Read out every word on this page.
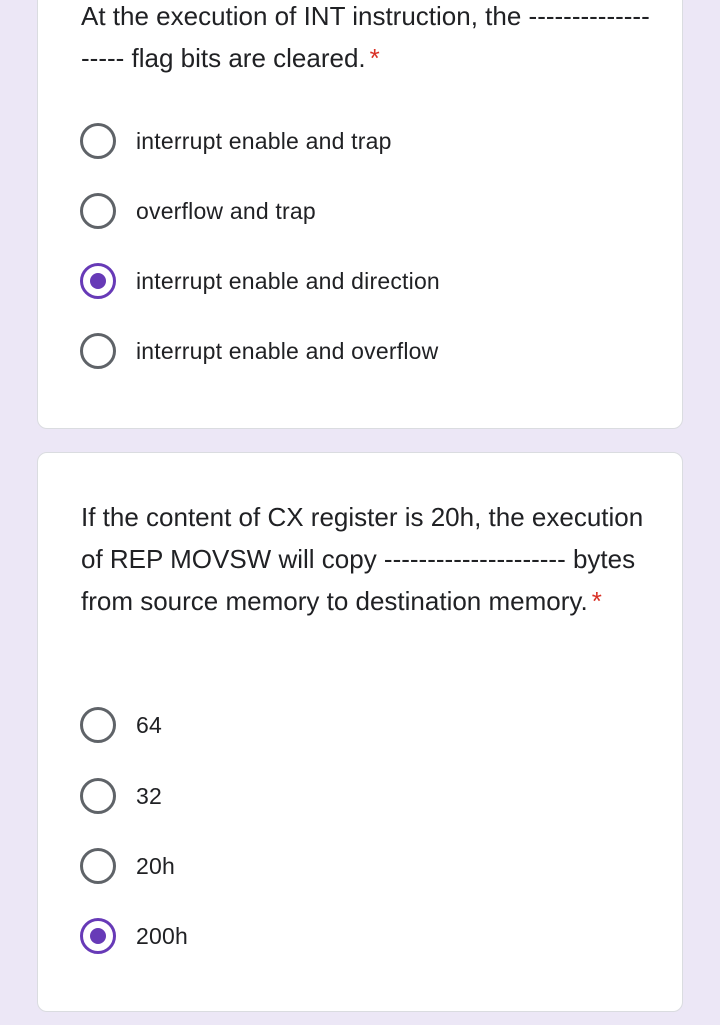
At the execution of INT instruction, the ------------------- flag bits are cleared. *

interrupt enable and trap
overflow and trap
interrupt enable and direction
interrupt enable and overflow

If the content of CX register is 20h, the execution of REP MOVSW will copy --------------------- bytes from source memory to destination memory. *

64
32
20h
200h
